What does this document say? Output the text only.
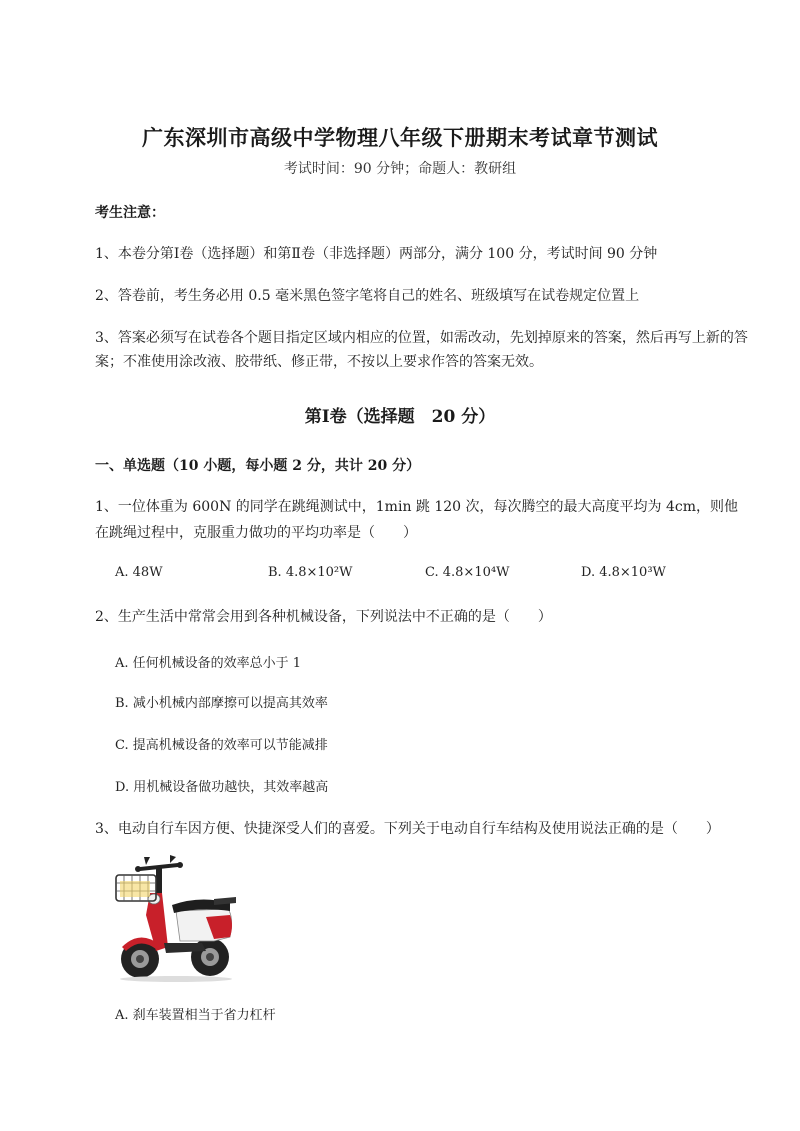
广东深圳市高级中学物理八年级下册期末考试章节测试
考试时间：90 分钟；命题人：教研组
考生注意：
1、本卷分第Ⅰ卷（选择题）和第Ⅱ卷（非选择题）两部分，满分 100 分，考试时间 90 分钟
2、答卷前，考生务必用 0.5 毫米黑色签字笔将自己的姓名、班级填写在试卷规定位置上
3、答案必须写在试卷各个题目指定区域内相应的位置，如需改动，先划掉原来的答案，然后再写上新的答案；不准使用涂改液、胶带纸、修正带，不按以上要求作答的答案无效。
第Ⅰ卷（选择题　20 分）
一、单选题（10 小题，每小题 2 分，共计 20 分）
1、一位体重为 600N 的同学在跳绳测试中，1min 跳 120 次，每次腾空的最大高度平均为 4cm，则他在跳绳过程中，克服重力做功的平均功率是（　　）
A. 48W	B. 4.8×10²W	C. 4.8×10⁴W	D. 4.8×10³W
2、生产生活中常常会用到各种机械设备，下列说法中不正确的是（　　）
A. 任何机械设备的效率总小于 1
B. 减小机械内部摩擦可以提高其效率
C. 提高机械设备的效率可以节能减排
D. 用机械设备做功越快，其效率越高
3、电动自行车因方便、快捷深受人们的喜爱。下列关于电动自行车结构及使用说法正确的是（　　）
A. 刹车装置相当于省力杠杆
